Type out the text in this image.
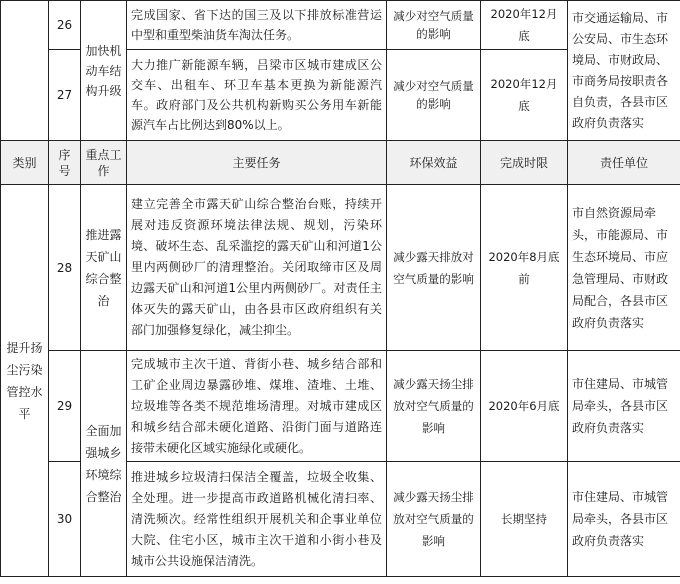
	26	加快机动车结构升级	完成国家、省下达的国三及以下排放标准营运中型和重型柴油货车淘汰任务。	减少对空气质量的影响	2020年12月底	市交通运输局、市公安局、市生态环境局、市财政局、市商务局按职责各自负责，各县市区政府负责落实
	27		大力推广新能源车辆，吕梁市区城市建成区公交车、出租车、环卫车基本更换为新能源汽车。政府部门及公共机构新购买公务用车新能源汽车占比例达到80%以上。	减少对空气质量的影响	2020年12月底	
类别	序号	重点工作	主要任务	环保效益	完成时限	责任单位
提升扬尘污染管控水平	28	推进露天矿山综合整治	建立完善全市露天矿山综合整治台账，持续开展对违反资源环境法律法规、规划，污染环境、破坏生态、乱采滥挖的露天矿山和河道1公里内两侧砂厂的清理整治。关闭取缔市区及周边露天矿山和河道1公里内两侧砂厂。对责任主体灭失的露天矿山，由各县市区政府组织有关部门加强修复绿化，减尘抑尘。	减少露天排放对空气质量的影响	2020年8月底前	市自然资源局牵头，市能源局、市生态环境局、市应急管理局、市财政局配合，各县市区政府负责落实
	29	全面加强城乡环境综合整治	完成城市主次干道、背街小巷、城乡结合部和工矿企业周边暴露砂堆、煤堆、渣堆、土堆、垃圾堆等各类不规范堆场清理。对城市建成区和城乡结合部未硬化道路、沿街门面与道路连接带未硬化区域实施绿化或硬化。	减少露天扬尘排放对空气质量的影响	2020年6月底	市住建局、市城管局牵头，各县市区政府负责落实
	30		推进城乡垃圾清扫保洁全覆盖，垃圾全收集、全处理。进一步提高市政道路机械化清扫率、清洗频次。经常性组织开展机关和企事业单位大院、住宅小区，城市主次干道和小街小巷及城市公共设施保洁清洗。	减少露天扬尘排放对空气质量的影响	长期坚持	市住建局、市城管局牵头，各县市区政府负责落实
